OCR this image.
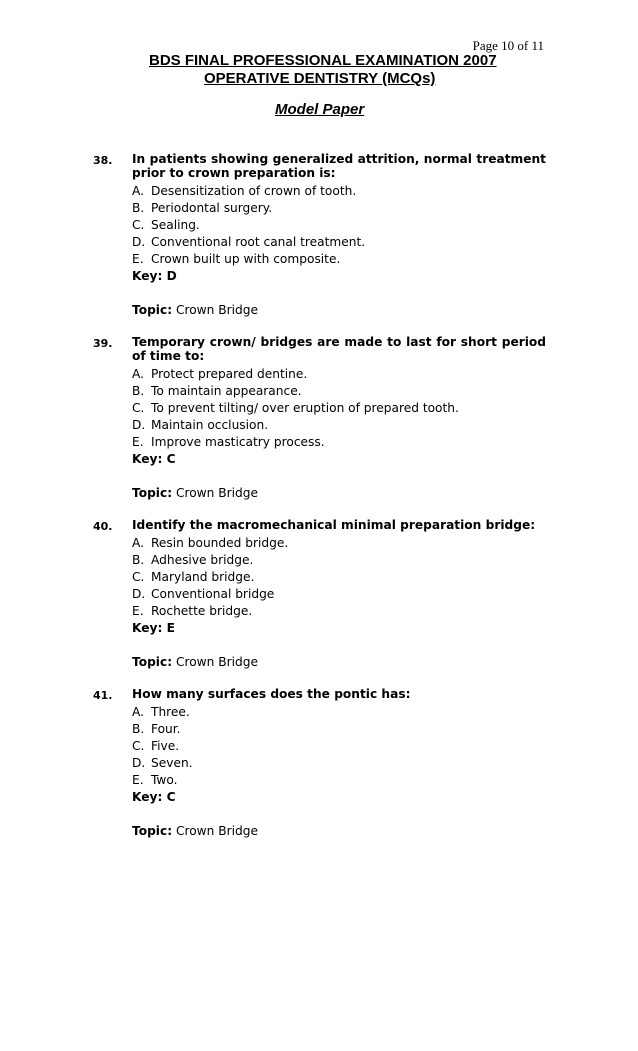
Page 10 of 11
BDS FINAL PROFESSIONAL EXAMINATION 2007
OPERATIVE DENTISTRY (MCQs)
Model Paper
38. In patients showing generalized attrition, normal treatment prior to crown preparation is:
A. Desensitization of crown of tooth.
B. Periodontal surgery.
C. Sealing.
D. Conventional root canal treatment.
E. Crown built up with composite.
Key: D
Topic: Crown Bridge
39. Temporary crown/ bridges are made to last for short period of time to:
A. Protect prepared dentine.
B. To maintain appearance.
C. To prevent tilting/ over eruption of prepared tooth.
D. Maintain occlusion.
E. Improve masticatry process.
Key: C
Topic: Crown Bridge
40. Identify the macromechanical minimal preparation bridge:
A. Resin bounded bridge.
B. Adhesive bridge.
C. Maryland bridge.
D. Conventional bridge
E. Rochette bridge.
Key: E
Topic: Crown Bridge
41. How many surfaces does the pontic has:
A. Three.
B. Four.
C. Five.
D. Seven.
E. Two.
Key: C
Topic: Crown Bridge
